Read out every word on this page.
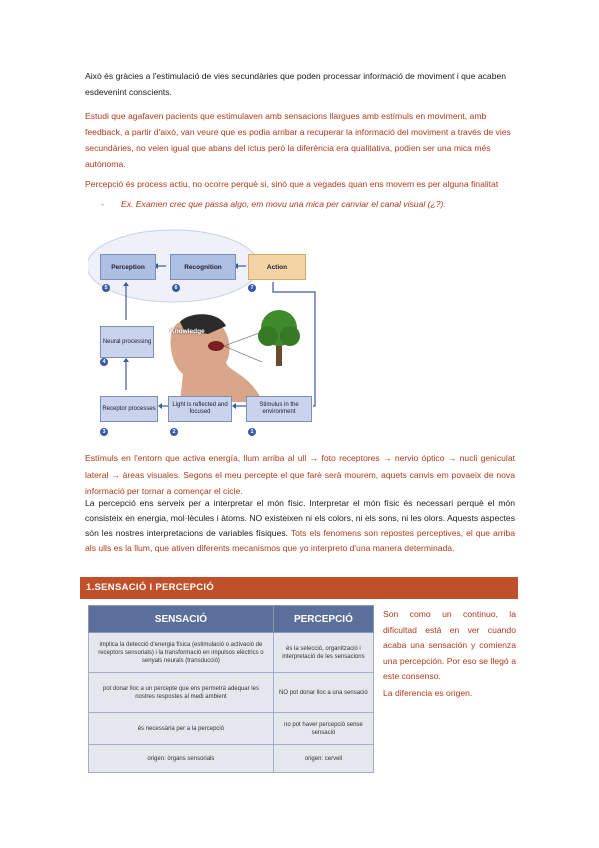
Això és gràcies a l'estimulació de vies secundàries que poden processar informació de moviment i que acaben esdevenint conscients.
Estudi que agafaven pacients que estimulaven amb sensacions llargues amb estímuls en moviment, amb feedback, a partir d'això, van veure que es podia arribar a recuperar la informació del moviment a través de vies secundàries, no veien igual que abans del ictus però la diferència era qualitativa, podien ser una mica més autònoma.
Percepció és process actiu, no ocorre perquè si, sinó que a vegades quan ens movem es per alguna finalitat
- Ex. Examen crec que passa algo, em movu una mica per canviar el canal visual (¿?).
Perception	Recognition	Action
Neural processing
Receptor processes
Light is reflected and focused
Stimulus in the environment
Knowledge
1
2
3
4
5	6	7
Estímuls en l'entorn que activa energía, llum arriba al ull → foto receptores → nervio óptico → nucli geniculat lateral → àreas visuales. Segons el meu percepte el que farè serà mourem, aquets canvis em povaeix de nova informació per tornar a començar el cicle.
La percepció ens serveix per a interpretar el món físic. Interpretar el món físic és necessari perquè el món consisteix en energia, mol·lècules i àtoms. NO existeixen ni els colors, ni els sons, ni les olors. Aquests aspectes són les nostres interpretacions de variables físiques. Tots els fenomens son repostes perceptives, el que arriba als ulls es la llum, que ativen diferents mecanismos que yo interpreto d'una manera determinada.
1.SENSACIÓ I PERCEPCIÓ
SENSACIÓ	PERCEPCIÓ
implica la detecció d'energia física (estimulació o activació de receptors sensorials) i la transformació en impulsos elèctrics o senyals neurals (transducció)	és la selecció, organització i interpretació de les sensacions
pot donar lloc a un percepte que ens permetrà adequar les nostres respostes al medi ambient	NO pot donar lloc a una sensació
és necessària per a la percepció	no pot haver percepció sense sensació
origen: òrgans sensorials	origen: cervell
Son como un continuo, la dificultad está en ver cuando acaba una sensación y comienza una percepción. Por eso se llegó a este consenso.
La diferencia es origen.
